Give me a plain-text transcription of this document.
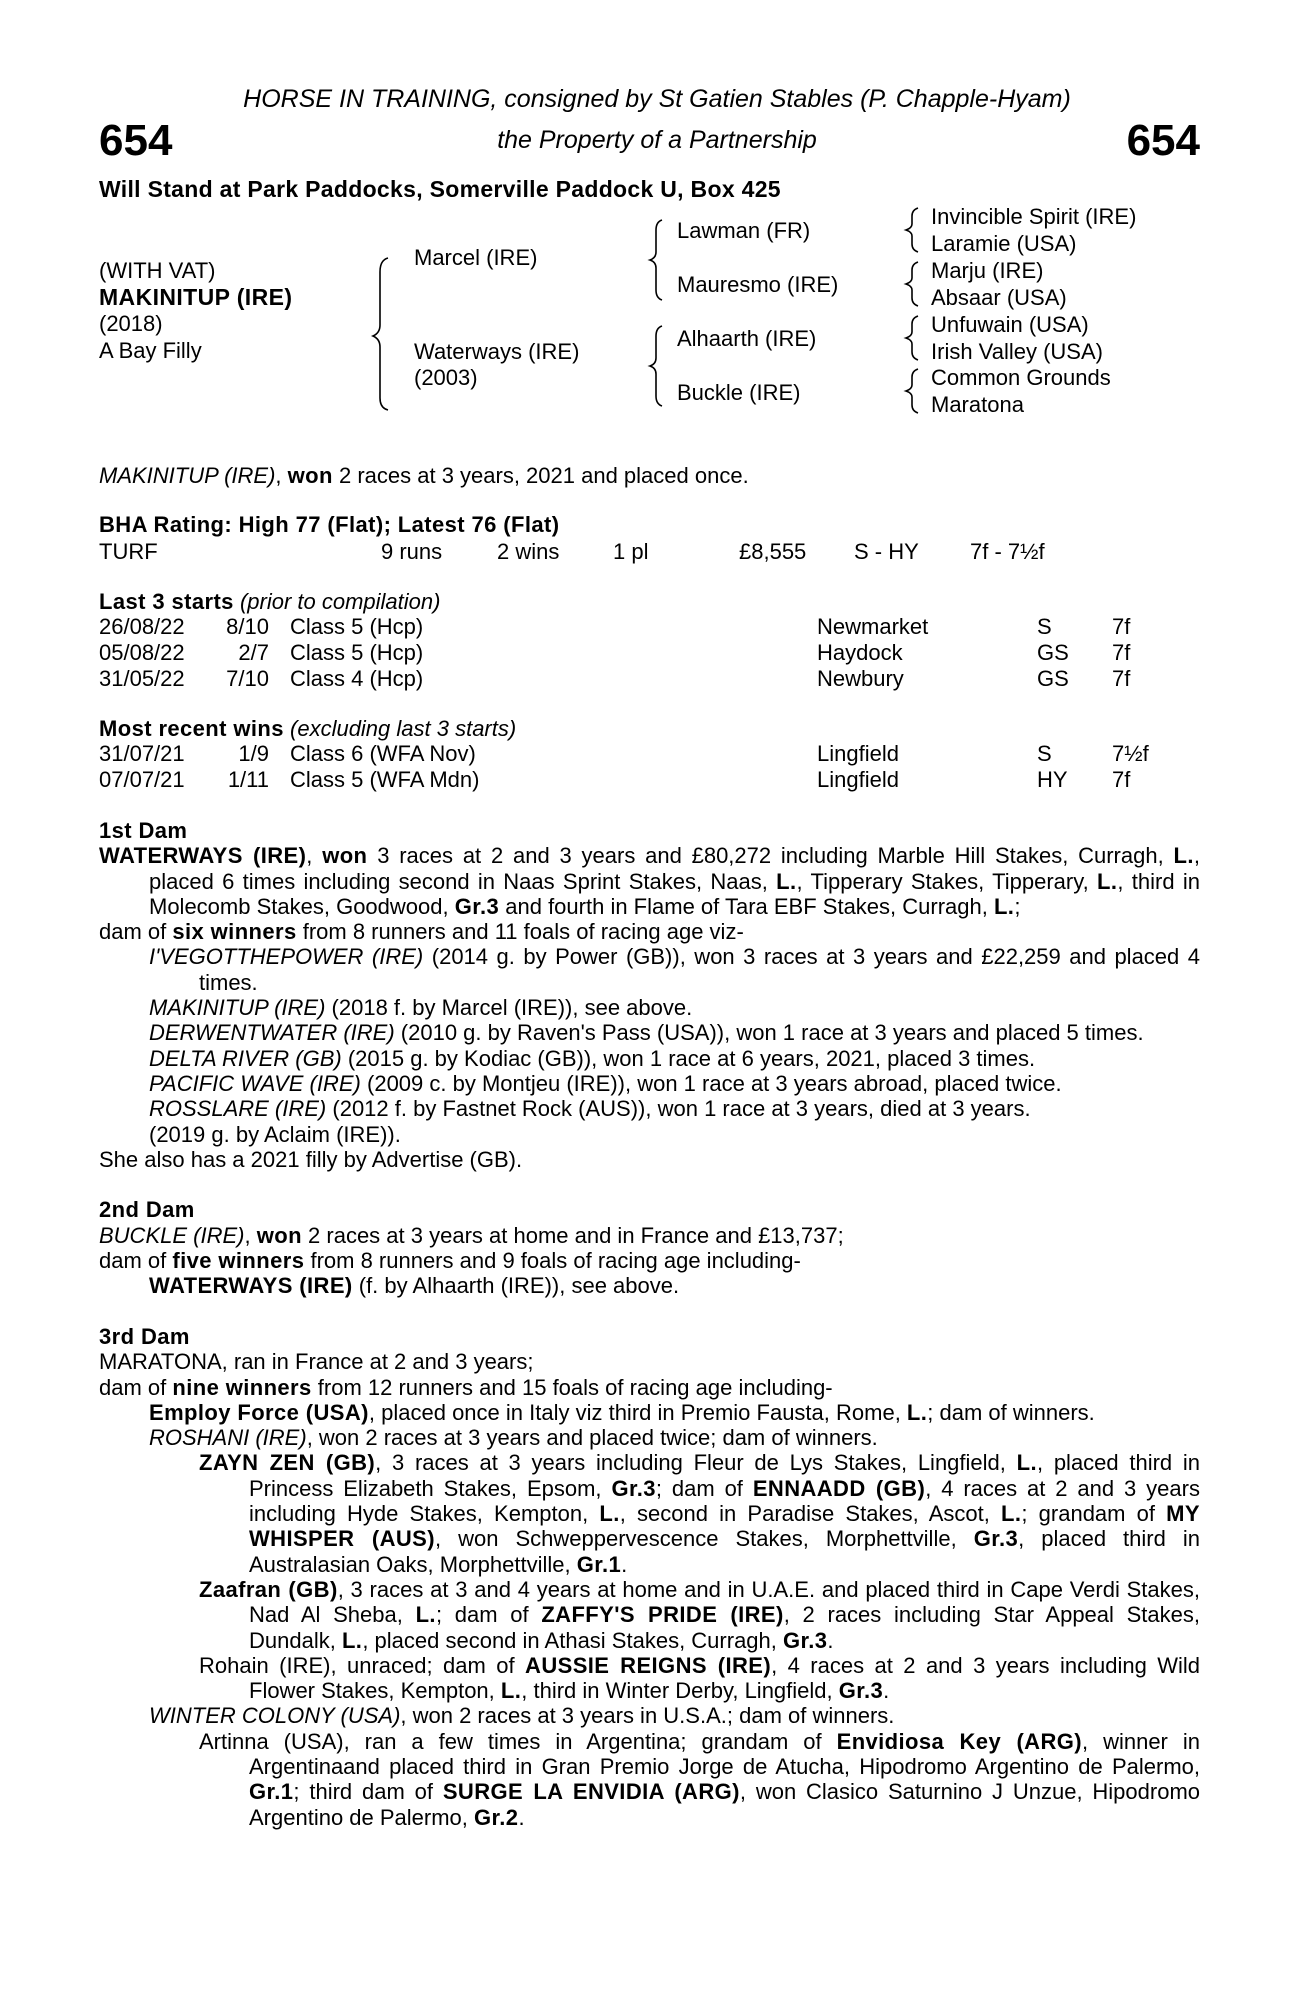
HORSE IN TRAINING, consigned by St Gatien Stables (P. Chapple-Hyam)
654	654
the Property of a Partnership
Will Stand at Park Paddocks, Somerville Paddock U, Box 425
(WITH VAT)
MAKINITUP (IRE)
(2018)
A Bay Filly
Marcel (IRE)
Waterways (IRE)
(2003)
Lawman (FR)
Mauresmo (IRE)
Alhaarth (IRE)
Buckle (IRE)
Invincible Spirit (IRE)
Laramie (USA)
Marju (IRE)
Absaar (USA)
Unfuwain (USA)
Irish Valley (USA)
Common Grounds
Maratona
MAKINITUP (IRE), won 2 races at 3 years, 2021 and placed once.
BHA Rating: High 77 (Flat); Latest 76 (Flat)
TURF	9 runs 2 wins 1 pl	£8,555 S - HY 7f - 7½f
Last 3 starts (prior to compilation)
26/08/22	8/10 Class 5 (Hcp)	Newmarket	S	7f
05/08/22	2/7 Class 5 (Hcp)	Haydock	GS 7f
31/05/22	7/10 Class 4 (Hcp)	Newbury	GS 7f
Most recent wins (excluding last 3 starts)
31/07/21	1/9 Class 6 (WFA Nov)	Lingfield	S	7½f
07/07/21	1/11 Class 5 (WFA Mdn)	Lingfield	HY 7f
1st Dam
WATERWAYS (IRE), won 3 races at 2 and 3 years and £80,272 including Marble Hill Stakes, Curragh, L., placed 6 times including second in Naas Sprint Stakes, Naas, L., Tipperary Stakes, Tipperary, L., third in Molecomb Stakes, Goodwood, Gr.3 and fourth in Flame of Tara EBF Stakes, Curragh, L.;
dam of six winners from 8 runners and 11 foals of racing age viz-
I'VEGOTTHEPOWER (IRE) (2014 g. by Power (GB)), won 3 races at 3 years and £22,259 and placed 4 times.
MAKINITUP (IRE) (2018 f. by Marcel (IRE)), see above.
DERWENTWATER (IRE) (2010 g. by Raven's Pass (USA)), won 1 race at 3 years and placed 5 times.
DELTA RIVER (GB) (2015 g. by Kodiac (GB)), won 1 race at 6 years, 2021, placed 3 times.
PACIFIC WAVE (IRE) (2009 c. by Montjeu (IRE)), won 1 race at 3 years abroad, placed twice.
ROSSLARE (IRE) (2012 f. by Fastnet Rock (AUS)), won 1 race at 3 years, died at 3 years.
(2019 g. by Aclaim (IRE)).
She also has a 2021 filly by Advertise (GB).
2nd Dam
BUCKLE (IRE), won 2 races at 3 years at home and in France and £13,737;
dam of five winners from 8 runners and 9 foals of racing age including-
WATERWAYS (IRE) (f. by Alhaarth (IRE)), see above.
3rd Dam
MARATONA, ran in France at 2 and 3 years;
dam of nine winners from 12 runners and 15 foals of racing age including-
Employ Force (USA), placed once in Italy viz third in Premio Fausta, Rome, L.; dam of winners.
ROSHANI (IRE), won 2 races at 3 years and placed twice; dam of winners.
ZAYN ZEN (GB), 3 races at 3 years including Fleur de Lys Stakes, Lingfield, L., placed third in Princess Elizabeth Stakes, Epsom, Gr.3; dam of ENNAADD (GB), 4 races at 2 and 3 years including Hyde Stakes, Kempton, L., second in Paradise Stakes, Ascot, L.; grandam of MY WHISPER (AUS), won Schweppervescence Stakes, Morphettville, Gr.3, placed third in Australasian Oaks, Morphettville, Gr.1.
Zaafran (GB), 3 races at 3 and 4 years at home and in U.A.E. and placed third in Cape Verdi Stakes, Nad Al Sheba, L.; dam of ZAFFY'S PRIDE (IRE), 2 races including Star Appeal Stakes, Dundalk, L., placed second in Athasi Stakes, Curragh, Gr.3.
Rohain (IRE), unraced; dam of AUSSIE REIGNS (IRE), 4 races at 2 and 3 years including Wild Flower Stakes, Kempton, L., third in Winter Derby, Lingfield, Gr.3.
WINTER COLONY (USA), won 2 races at 3 years in U.S.A.; dam of winners.
Artinna (USA), ran a few times in Argentina; grandam of Envidiosa Key (ARG), winner in Argentinaand placed third in Gran Premio Jorge de Atucha, Hipodromo Argentino de Palermo, Gr.1; third dam of SURGE LA ENVIDIA (ARG), won Clasico Saturnino J Unzue, Hipodromo Argentino de Palermo, Gr.2.
